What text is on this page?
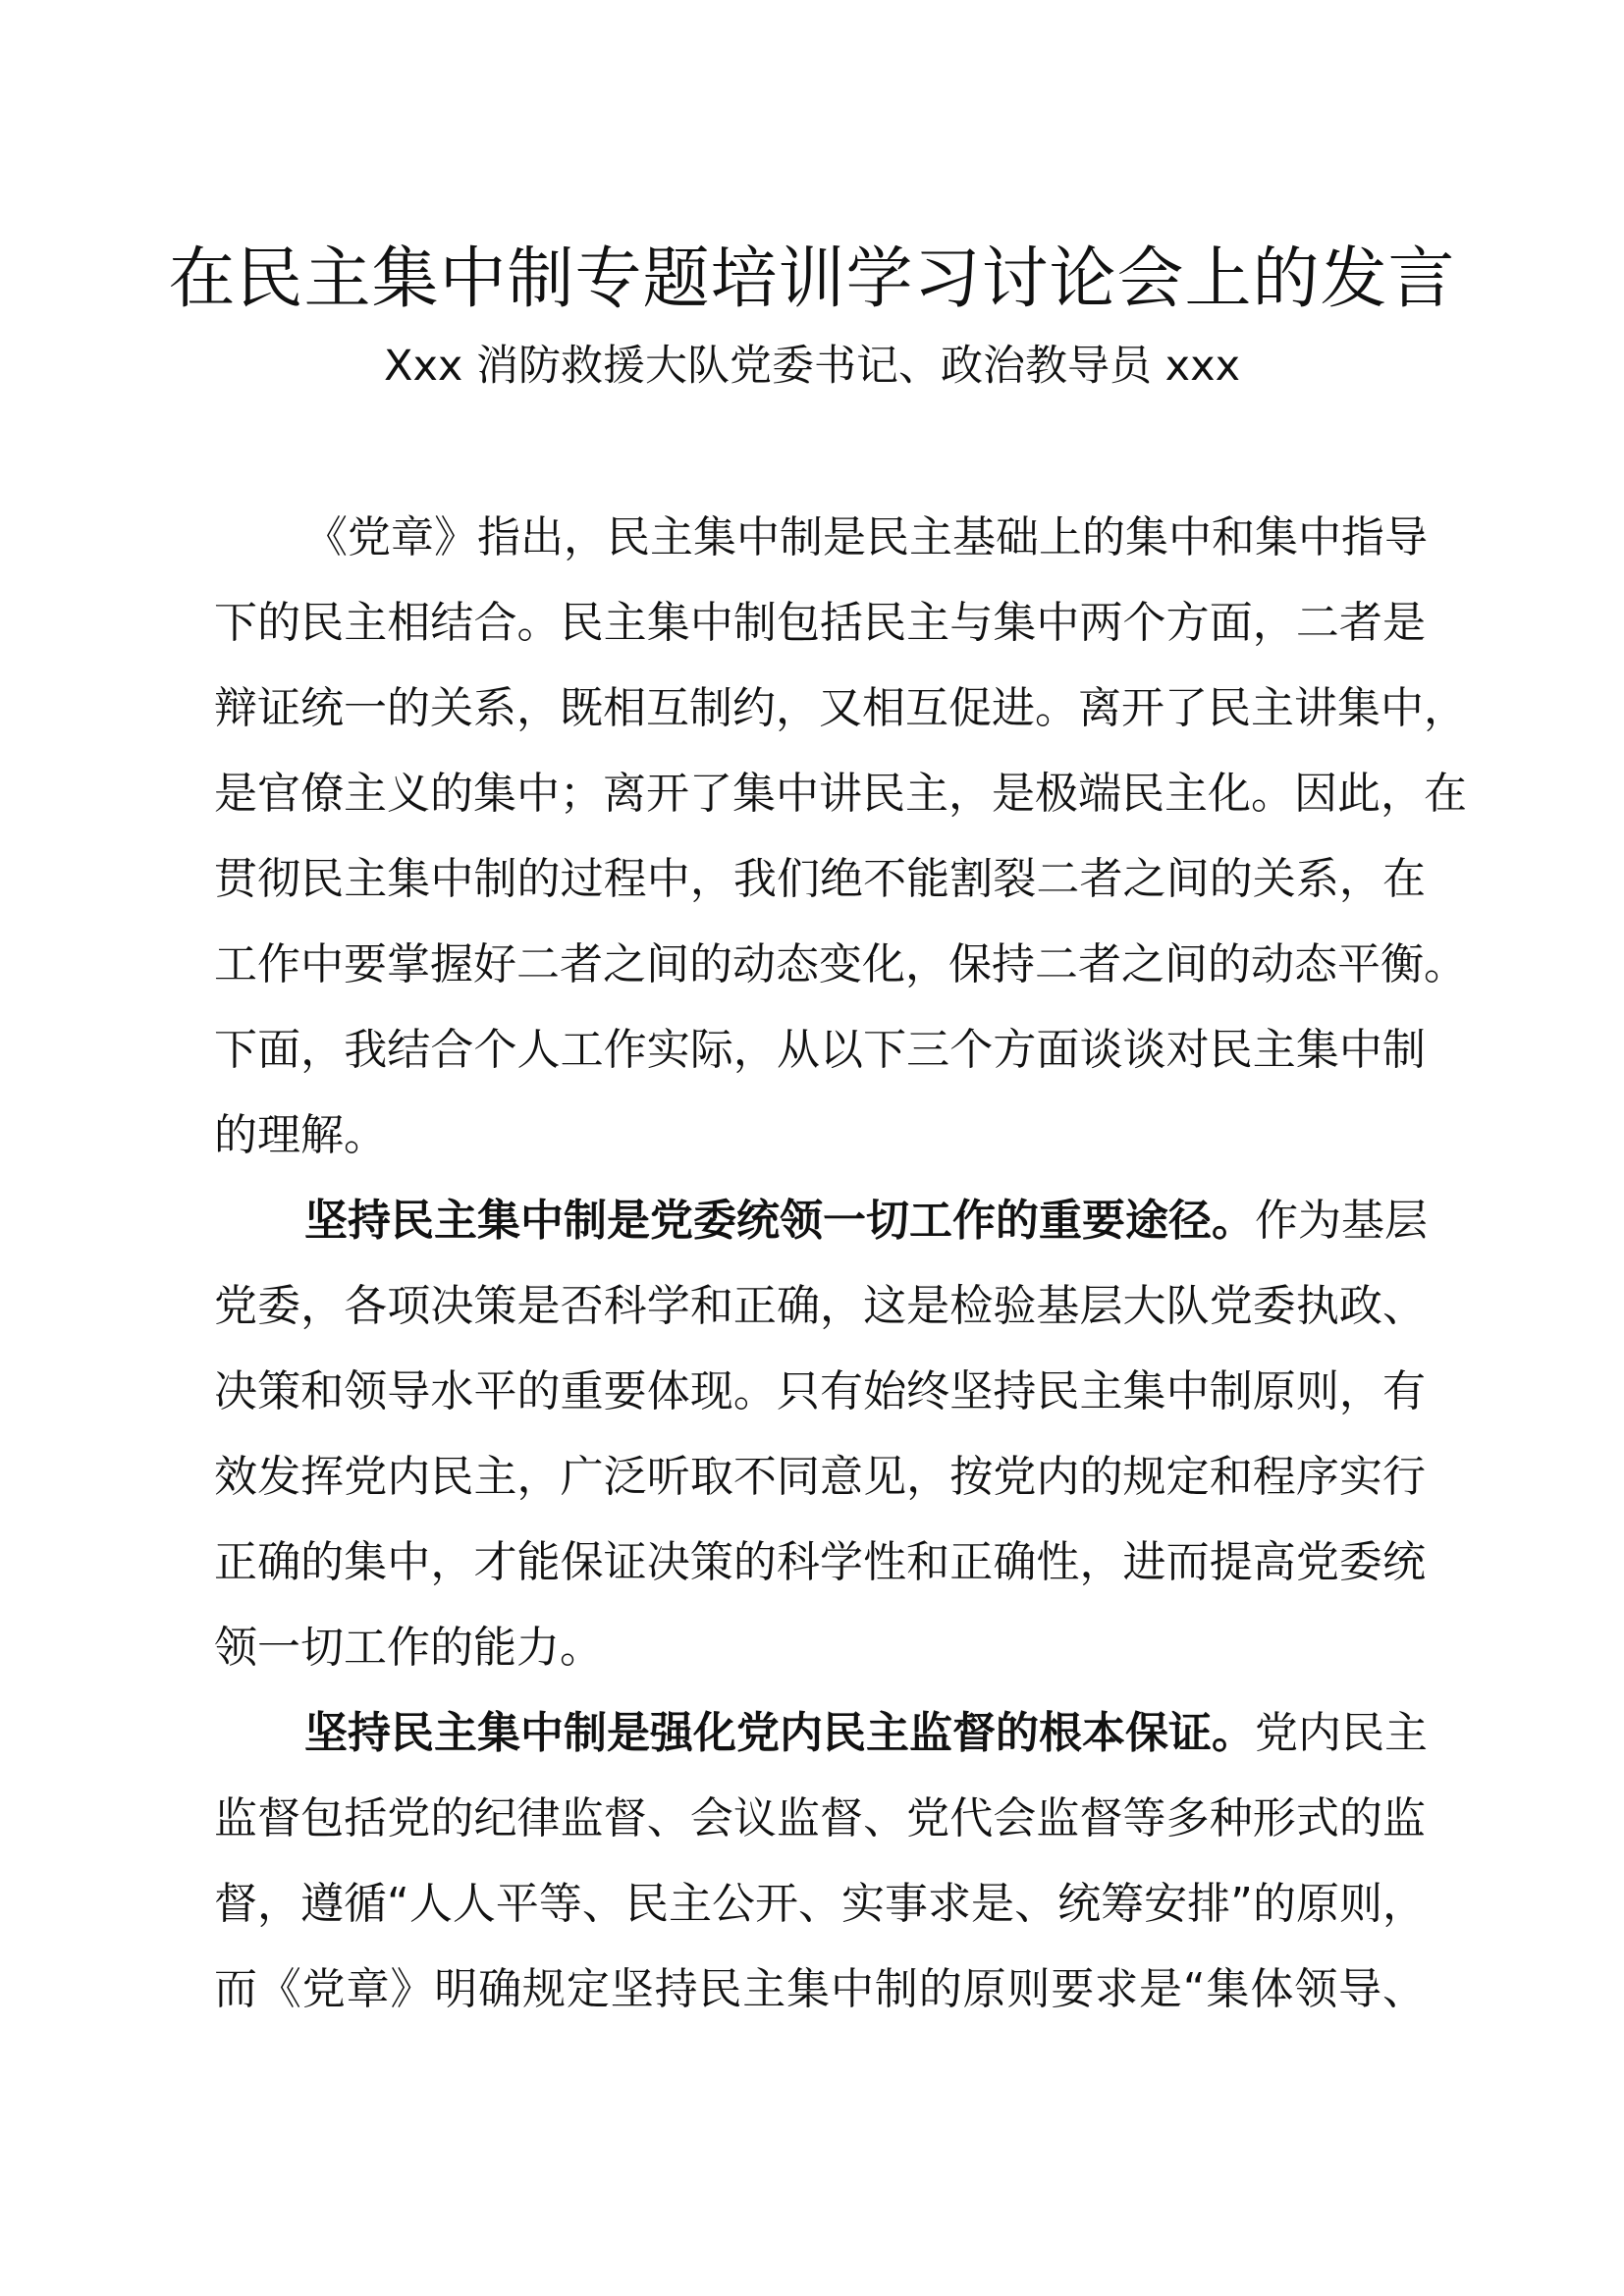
在民主集中制专题培训学习讨论会上的发言
Xxx 消防救援大队党委书记、政治教导员 xxx
《党章》指出，民主集中制是民主基础上的集中和集中指导
下的民主相结合。民主集中制包括民主与集中两个方面，二者是
辩证统一的关系，既相互制约，又相互促进。离开了民主讲集中，
是官僚主义的集中；离开了集中讲民主，是极端民主化。因此，在
贯彻民主集中制的过程中，我们绝不能割裂二者之间的关系，在
工作中要掌握好二者之间的动态变化，保持二者之间的动态平衡。
下面，我结合个人工作实际，从以下三个方面谈谈对民主集中制
的理解。
坚持民主集中制是党委统领一切工作的重要途径。作为基层
党委，各项决策是否科学和正确，这是检验基层大队党委执政、
决策和领导水平的重要体现。只有始终坚持民主集中制原则，有
效发挥党内民主，广泛听取不同意见，按党内的规定和程序实行
正确的集中，才能保证决策的科学性和正确性，进而提高党委统
领一切工作的能力。
坚持民主集中制是强化党内民主监督的根本保证。党内民主
监督包括党的纪律监督、会议监督、党代会监督等多种形式的监
督，遵循“人人平等、民主公开、实事求是、统筹安排”的原则，
而《党章》明确规定坚持民主集中制的原则要求是“集体领导、
